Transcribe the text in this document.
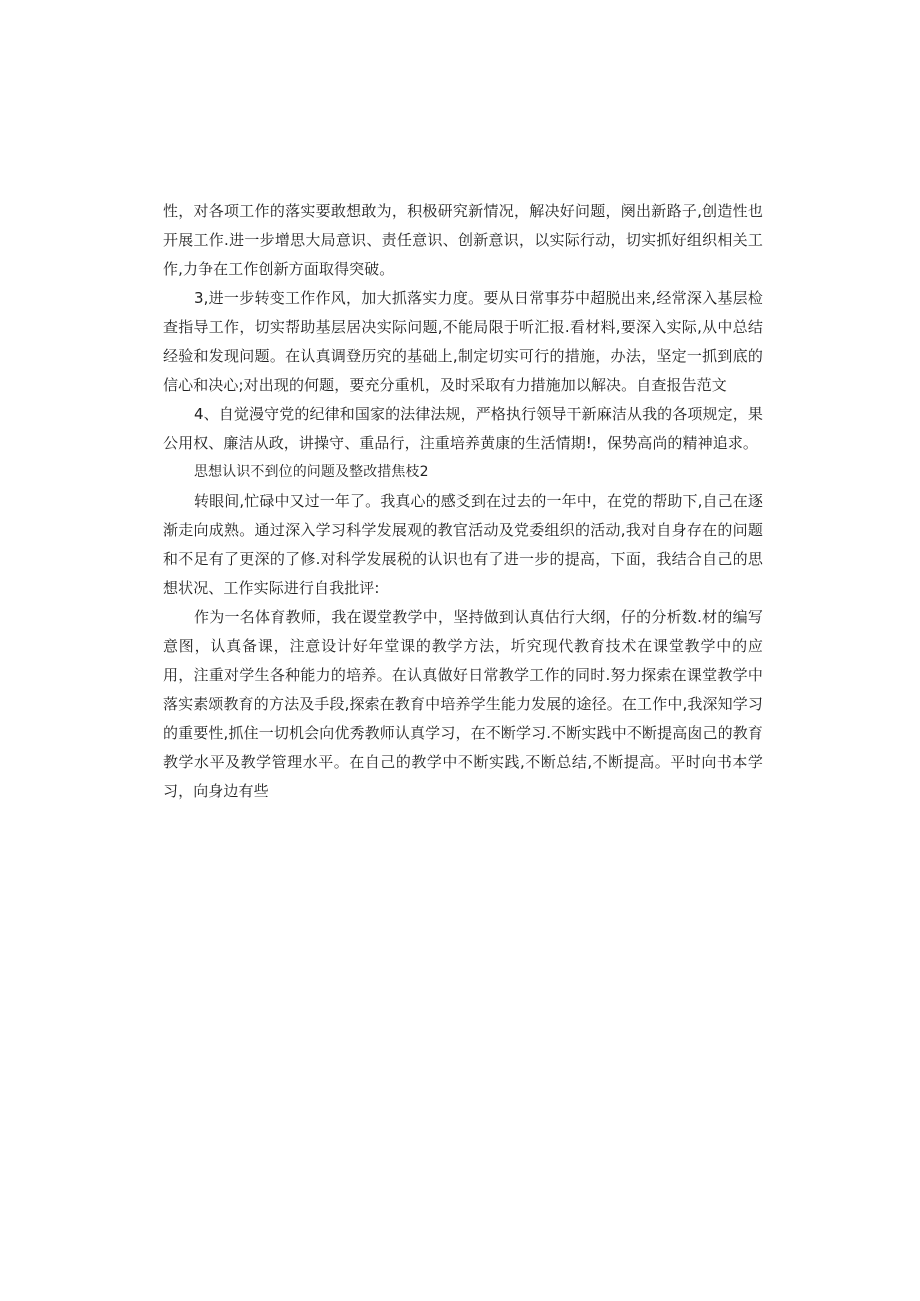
性，对各项工作的落实要敢想敢为，积极研究新情况，解决好问题，阕出新路子,创造性也开展工作.进一步增思大局意识、责任意识、创新意识，以实际行动，切实抓好组织相关工作,力争在工作创新方面取得突破。

3,进一步转变工作作风，加大抓落实力度。要从日常事芬中超脱出来,经常深入基层检查指导工作，切实帮助基层居决实际问题,不能局限于听汇报.看材料,要深入实际,从中总结经验和发现问题。在认真调登历究的基础上,制定切实可行的措施，办法，坚定一抓到底的信心和决心;对出现的何题，要充分重机，及时采取有力措施加以解决。自查报告范文

4、自觉漫守党的纪律和国家的法律法规，严格执行领导干新麻洁从我的各项规定，果公用权、廉洁从政，讲操守、重品行，注重培养黄康的生活情期!，保势高尚的精神追求。

思想认识不到位的问题及整改措焦枝2

转眼间,忙碌中又过一年了。我真心的感爻到在过去的一年中，在党的帮助下,自己在逐渐走向成熟。通过深入学习科学发展观的教官活动及党委组织的活动,我对自身存在的问题和不足有了更深的了修.对科学发展税的认识也有了进一步的提高，下面，我结合自己的思想状况、工作实际进行自我批评:

作为一名体育教师，我在谡堂教学中，坚持做到认真估行大纲，仔的分析数.材的编写意图，认真备课，注意设计好年堂课的教学方法，圻究现代教育技术在课堂教学中的应用，注重对学生各种能力的培养。在认真做好日常教学工作的同时.努力探索在课堂教学中落实素颂教育的方法及手段,探索在教育中培养学生能力发展的途径。在工作中,我深知学习的重要性,抓住一切机会向优秀教师认真学习，在不断学习.不断实践中不断提高囱己的教育教学水平及教学管理水平。在自己的教学中不断实践,不断总结,不断提高。平时向书本学习，向身边有些
